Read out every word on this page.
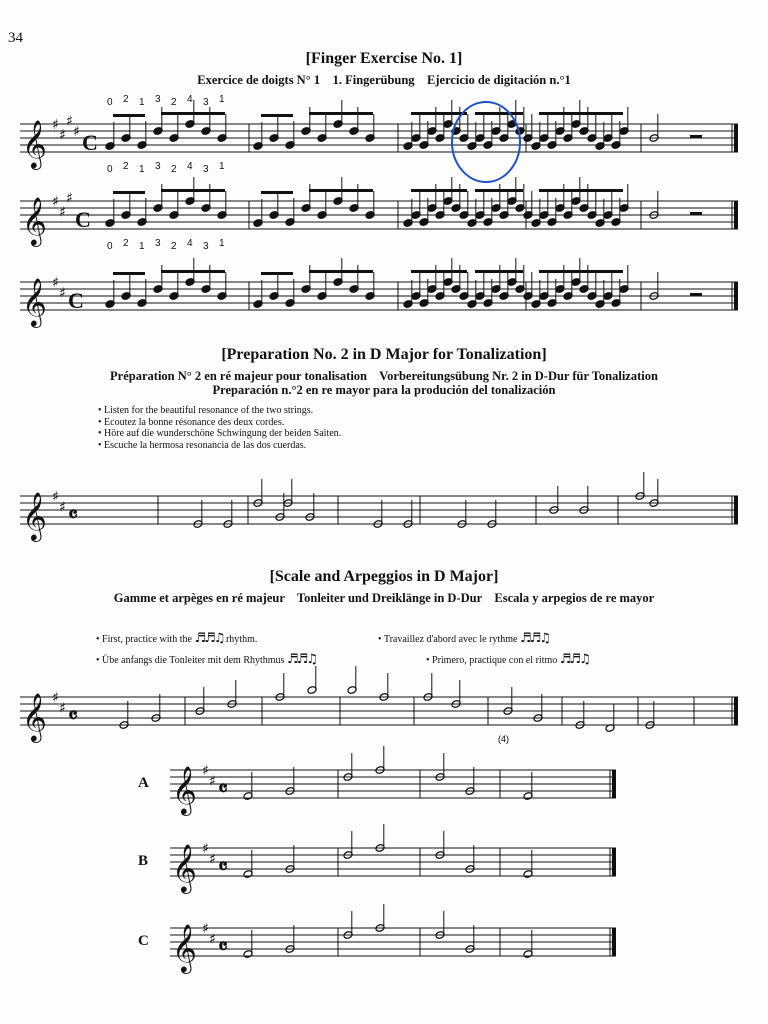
34
[Finger Exercise No. 1]
Exercice de doigts N° 1    1. Fingerübung    Ejercicio de digitación n.°1
[Preparation No. 2 in D Major for Tonalization]
Préparation N° 2 en ré majeur pour tonalisation    Vorbereitungsübung Nr. 2 in D-Dur für Tonalization
Preparación n.°2 en re mayor para la produción del tonalización
• Listen for the beautiful resonance of the two strings.
• Ecoutez la bonne résonance des deux cordes.
• Höre auf die wunderschöne Schwingung der beiden Saiten.
• Escuche la hermosa resonancia de las dos cuerdas.
[Scale and Arpeggios in D Major]
Gamme et arpèges en ré majeur    Tonleiter und Dreiklänge in D-Dur    Escala y arpegios de re mayor
• First, practice with the ♬♬♫ rhythm.	• Travaillez d'abord avec le rythme ♬♬♫
• Übe anfangs die Tonleiter mit dem Rhythmus ♬♬♫	• Primero, practique con el ritmo ♬♬♫
A
B
C
𝄞 ♯
♯
♯
♯ C
0 2 1 3 2 4 3 1
𝄞 ♯
♯
♯
C
0 2 1 3 2 4 3 1
𝄞 ♯
♯ C
0 2 1 3 2 4 3 1
𝄞 ♯
♯ 𝄴
𝄞 ♯
♯ 𝄴
𝄞 ♯
♯ 𝄴
𝄞 ♯
♯ 𝄴
𝄞 ♯
♯ 𝄴
(4)
